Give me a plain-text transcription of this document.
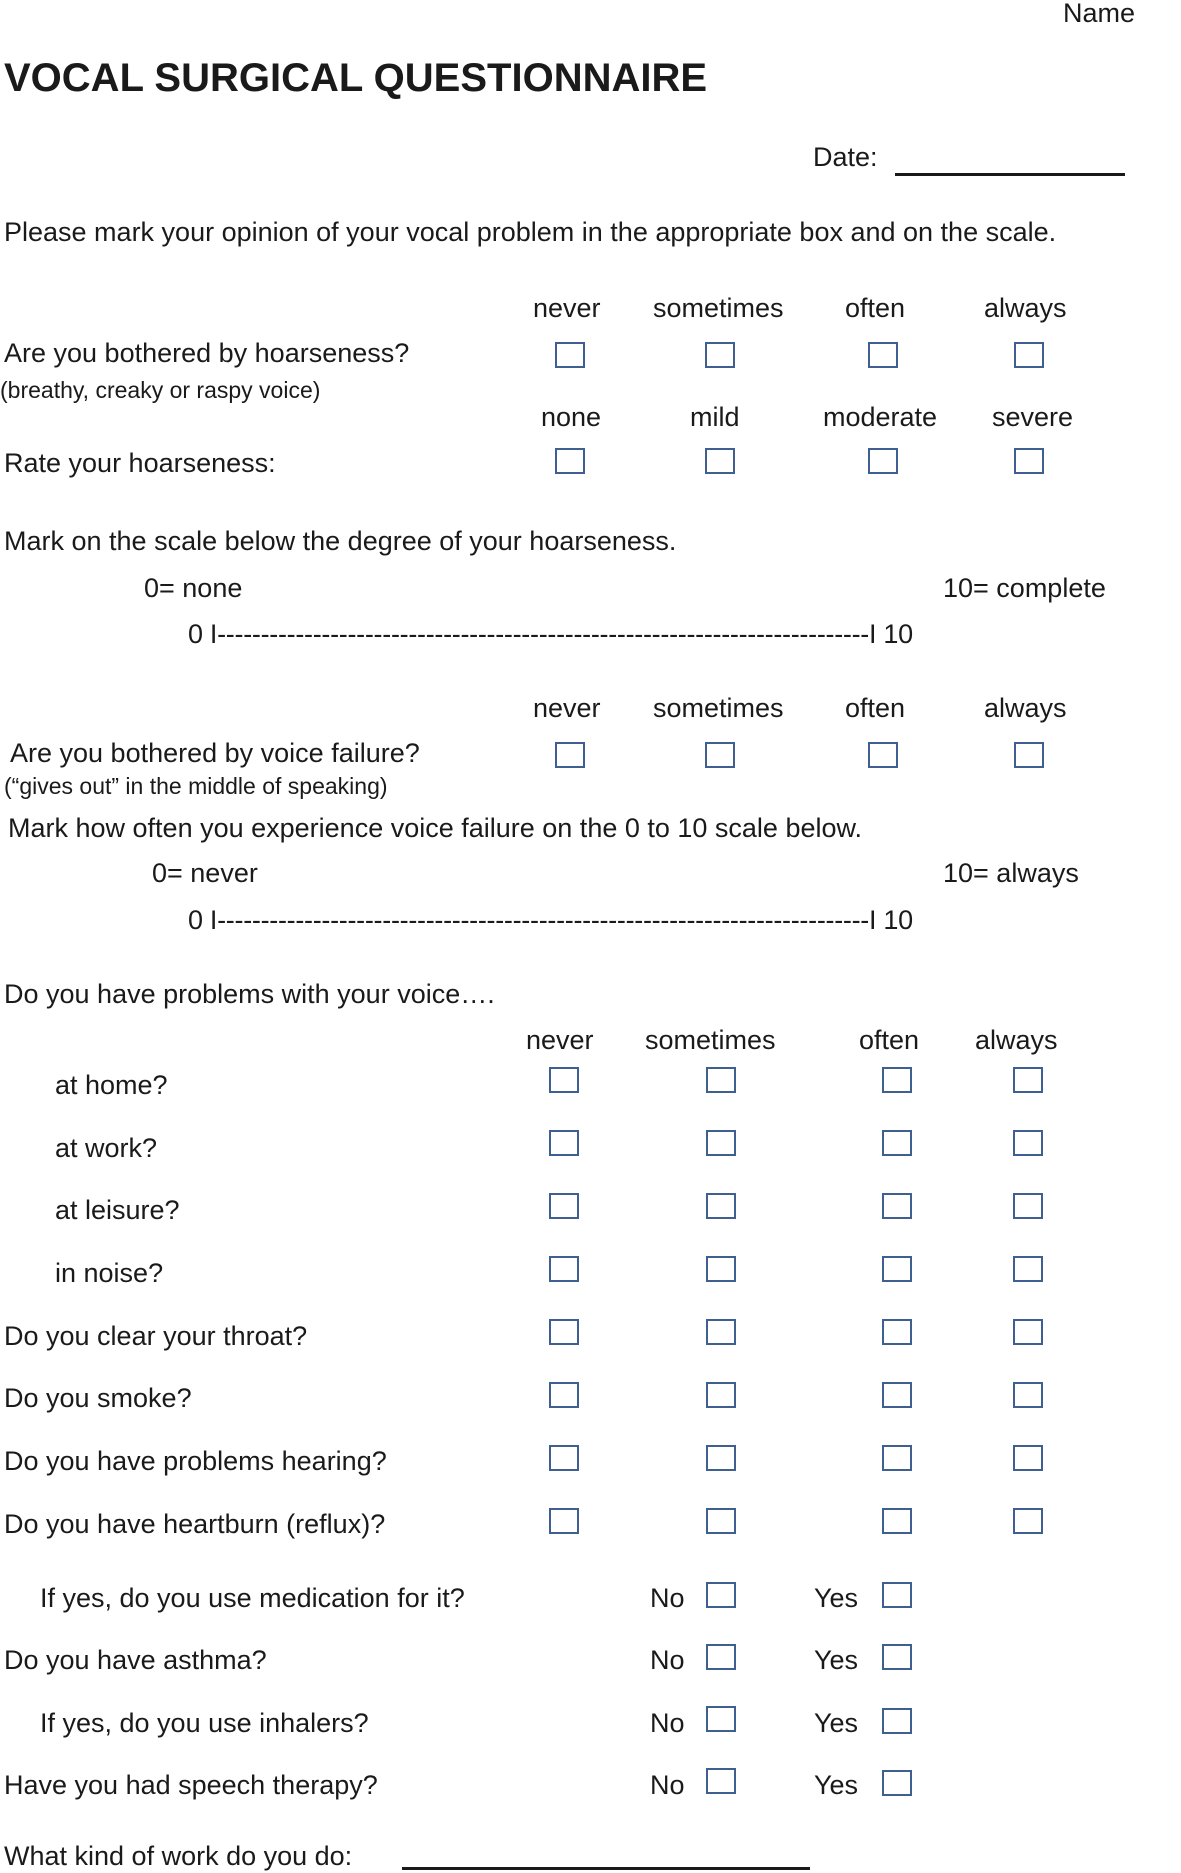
Name
VOCAL SURGICAL QUESTIONNAIRE
Date:
Please mark your opinion of your vocal problem in the appropriate box and on the scale.
never sometimes often	always
Are you bothered by hoarseness?
(breathy, creaky or raspy voice)
none	mild	moderate severe
Rate your hoarseness:
Mark on the scale below the degree of your hoarseness.
0= none	10= complete
0 I---------------------------------------------------------------------------I 10
never sometimes often	always
Are you bothered by voice failure?
(“gives out” in the middle of speaking)
Mark how often you experience voice failure on the 0 to 10 scale below.
0= never	10= always
0 I---------------------------------------------------------------------------I 10
Do you have problems with your voice….
never sometimes	often always
at home?
at work?
at leisure?
in noise?
Do you clear your throat?
Do you smoke?
Do you have problems hearing?
Do you have heartburn (reflux)?
If yes, do you use medication for it?	No	Yes
Do you have asthma?	No	Yes
If yes, do you use inhalers?	No	Yes
Have you had speech therapy?	No	Yes
What kind of work do you do:
